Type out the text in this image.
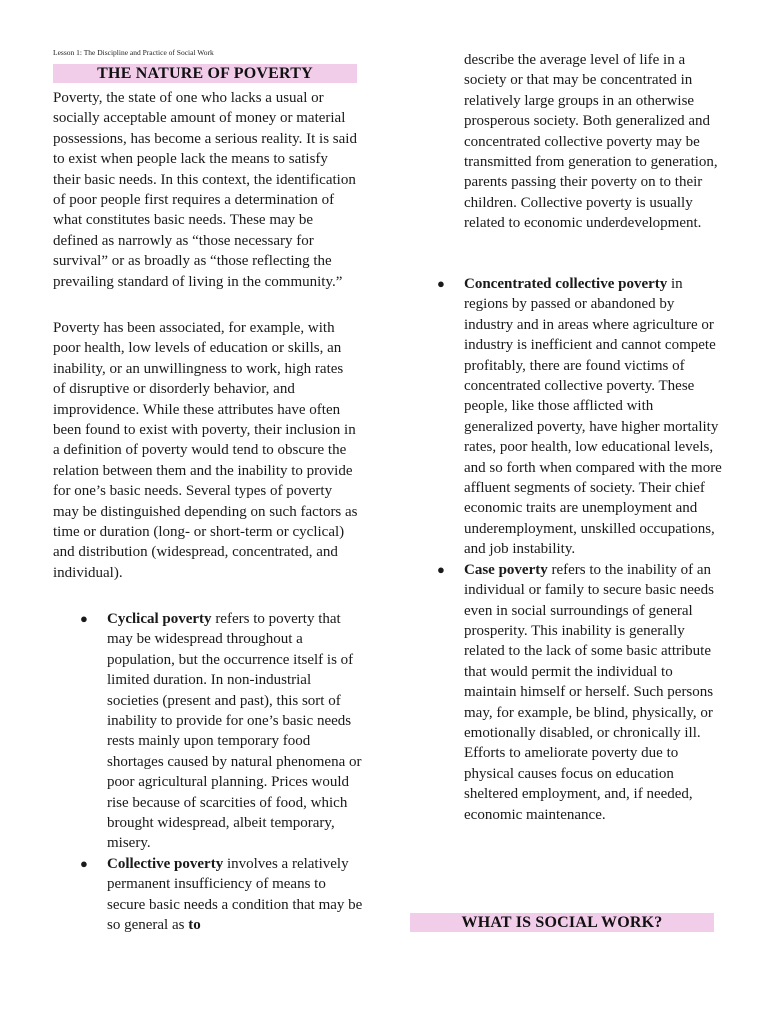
Lesson 1: The Discipline and Practice of Social Work
THE NATURE OF POVERTY

Poverty, the state of one who lacks a usual or socially acceptable amount of money or material possessions, has become a serious reality. It is said to exist when people lack the means to satisfy their basic needs. In this context, the identification of poor people first requires a determination of what constitutes basic needs. These may be defined as narrowly as “those necessary for survival” or as broadly as “those reflecting the prevailing standard of living in the community.”

Poverty has been associated, for example, with poor health, low levels of education or skills, an inability, or an unwillingness to work, high rates of disruptive or disorderly behavior, and improvidence. While these attributes have often been found to exist with poverty, their inclusion in a definition of poverty would tend to obscure the relation between them and the inability to provide for one’s basic needs. Several types of poverty may be distinguished depending on such factors as time or duration (long- or short-term or cyclical) and distribution (widespread, concentrated, and individual).

● Cyclical poverty refers to poverty that may be widespread throughout a population, but the occurrence itself is of limited duration. In non-industrial societies (present and past), this sort of inability to provide for one’s basic needs rests mainly upon temporary food shortages caused by natural phenomena or poor agricultural planning. Prices would rise because of scarcities of food, which brought widespread, albeit temporary, misery.
● Collective poverty involves a relatively permanent insufficiency of means to secure basic needs a condition that may be so general as to

describe the average level of life in a society or that may be concentrated in relatively large groups in an otherwise prosperous society. Both generalized and concentrated collective poverty may be transmitted from generation to generation, parents passing their poverty on to their children. Collective poverty is usually related to economic underdevelopment.

● Concentrated collective poverty in regions by passed or abandoned by industry and in areas where agriculture or industry is inefficient and cannot compete profitably, there are found victims of concentrated collective poverty. These people, like those afflicted with generalized poverty, have higher mortality rates, poor health, low educational levels, and so forth when compared with the more affluent segments of society. Their chief economic traits are unemployment and underemployment, unskilled occupations, and job instability.
● Case poverty refers to the inability of an individual or family to secure basic needs even in social surroundings of general prosperity. This inability is generally related to the lack of some basic attribute that would permit the individual to maintain himself or herself. Such persons may, for example, be blind, physically, or emotionally disabled, or chronically ill. Efforts to ameliorate poverty due to physical causes focus on education sheltered employment, and, if needed, economic maintenance.
WHAT IS SOCIAL WORK?
